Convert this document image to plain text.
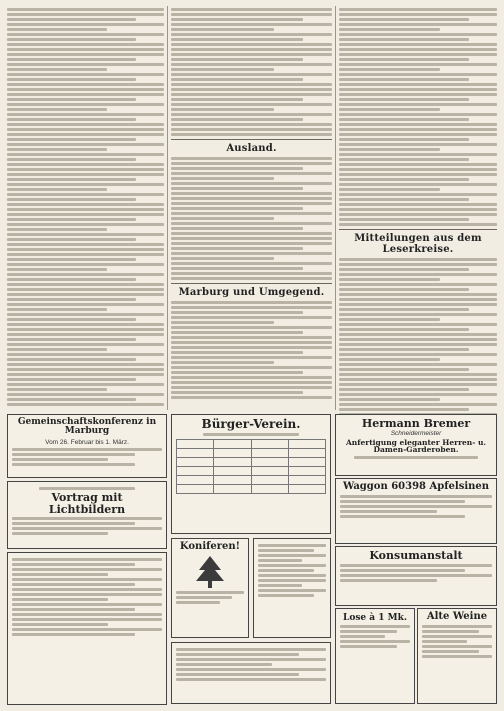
Ausland.
Marburg und Umgegend.
Mitteilungen aus dem Leserkreise.
Gemeinschaftskonferenz in Marburg
Vom 26. Februar bis 1. März.
Vortrag mit Lichtbildern
Bürger-Verein.

Koniferen!
Hermann Bremer
Schneidermeister
Anfertigung eleganter Herren- u. Damen-Garderoben.
Waggon 60398 Apfelsinen
Konsumanstalt
Lose à 1 Mk.	Alte Weine
